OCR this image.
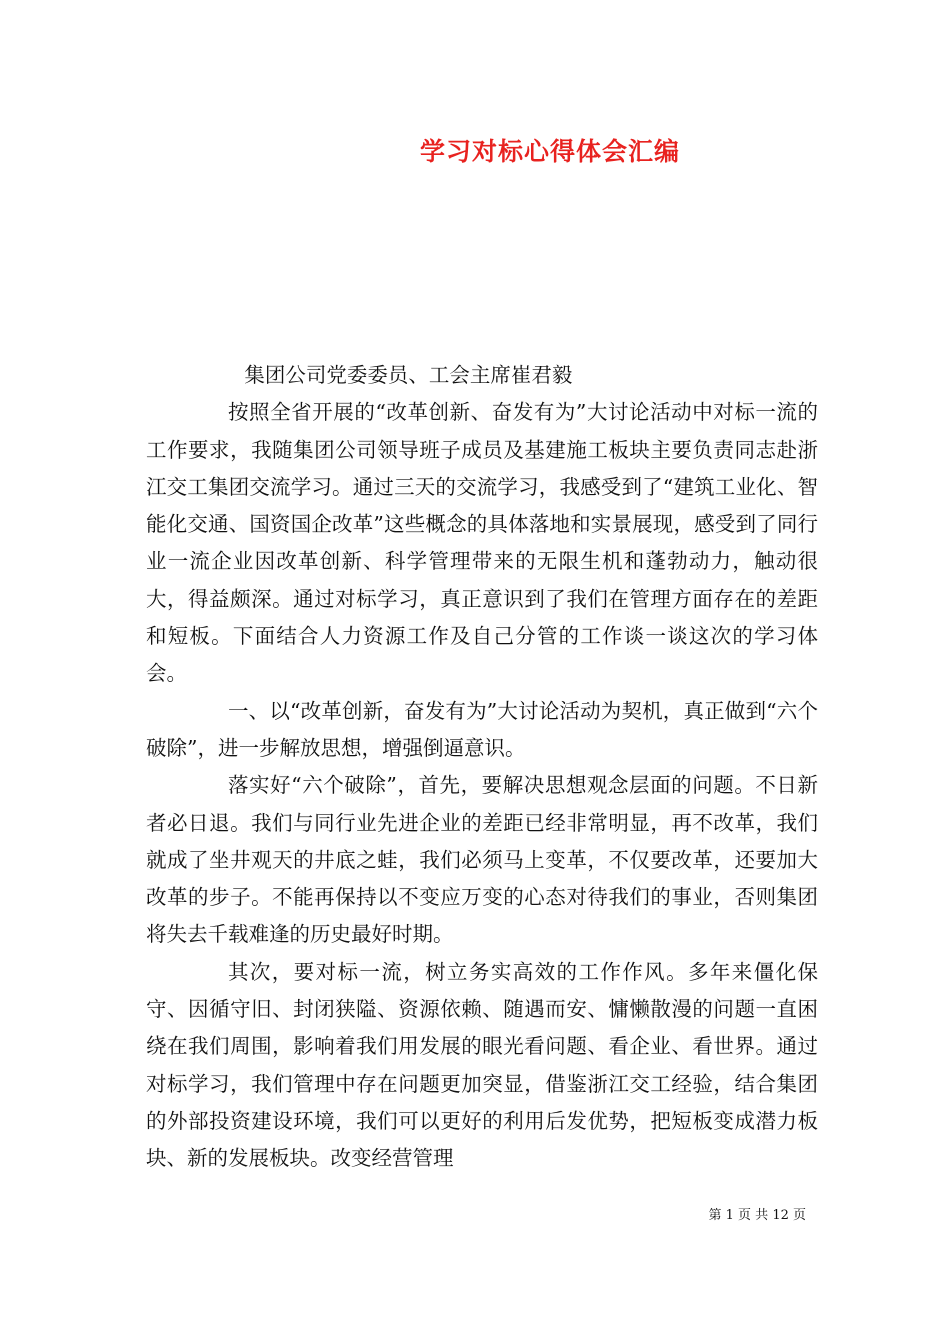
学习对标心得体会汇编

集团公司党委委员、工会主席崔君毅

按照全省开展的“改革创新、奋发有为”大讨论活动中对标一流的工作要求，我随集团公司领导班子成员及基建施工板块主要负责同志赴浙江交工集团交流学习。通过三天的交流学习，我感受到了“建筑工业化、智能化交通、国资国企改革”这些概念的具体落地和实景展现，感受到了同行业一流企业因改革创新、科学管理带来的无限生机和蓬勃动力，触动很大，得益颇深。通过对标学习，真正意识到了我们在管理方面存在的差距和短板。下面结合人力资源工作及自己分管的工作谈一谈这次的学习体会。

一、以“改革创新，奋发有为”大讨论活动为契机，真正做到“六个破除”，进一步解放思想，增强倒逼意识。

落实好“六个破除”，首先，要解决思想观念层面的问题。不日新者必日退。我们与同行业先进企业的差距已经非常明显，再不改革，我们就成了坐井观天的井底之蛙，我们必须马上变革，不仅要改革，还要加大改革的步子。不能再保持以不变应万变的心态对待我们的事业，否则集团将失去千载难逢的历史最好时期。

其次，要对标一流，树立务实高效的工作作风。多年来僵化保守、因循守旧、封闭狭隘、资源依赖、随遇而安、慵懒散漫的问题一直困绕在我们周围，影响着我们用发展的眼光看问题、看企业、看世界。通过对标学习，我们管理中存在问题更加突显，借鉴浙江交工经验，结合集团的外部投资建设环境，我们可以更好的利用后发优势，把短板变成潜力板块、新的发展板块。改变经营管理

第 1 页 共 12 页
